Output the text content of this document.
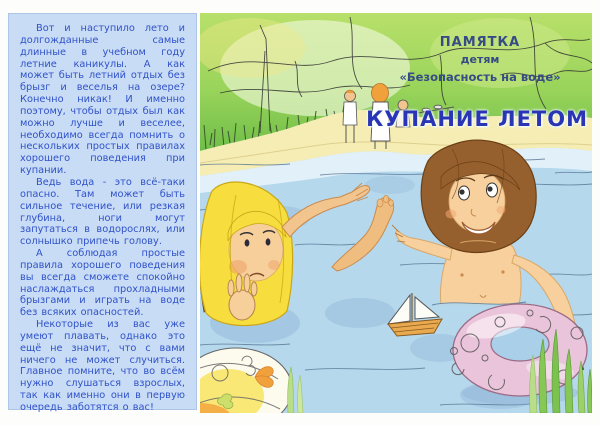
Вот и наступило лето и долгожданные самые длинные в учебном году летние каникулы. А как может быть летний отдых без брызг и веселья на озере? Конечно никак! И именно поэтому, чтобы отдых был как можно лучше и веселее, необходимо всегда помнить о нескольких простых правилах хорошего поведения при купании.

Ведь вода - это всё-таки опасно. Там может быть сильное течение, или резкая глубина, ноги могут запутаться в водорослях, или солнышко припечь голову.

А соблюдая простые правила хорошего поведения вы всегда сможете спокойно наслаждаться прохладными брызгами и играть на воде без всяких опасностей.

Некоторые из вас уже умеют плавать, однако это ещё не значит, что с вами ничего не может случиться. Главное помните, что во всём нужно слушаться взрослых, так как именно они в первую очередь заботятся о вас!

ПАМЯТКА
детям
«Безопасность на воде»
КУПАНИЕ ЛЕТОМ
